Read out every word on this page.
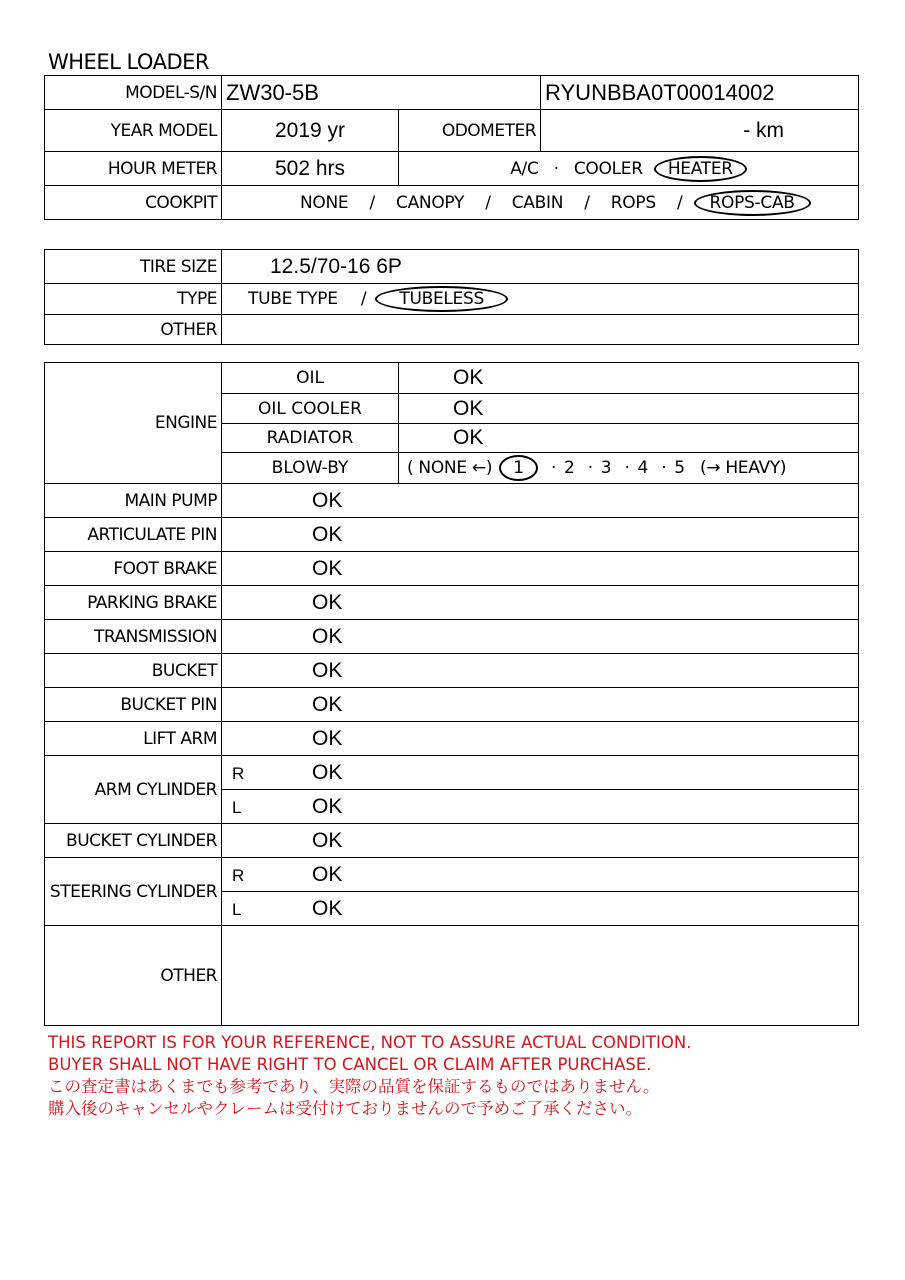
WHEEL LOADER
MODEL-S/N	ZW30-5B		RYUNBBA0T00014002
YEAR MODEL	2019 yr	ODOMETER	- km
HOUR METER	502 hrs	A/C · COOLER HEATER	
COOKPIT	NONE / CANOPY / CABIN / ROPS / ROPS-CAB		
TIRE SIZE	12.5/70-16 6P
TYPE	TUBE TYPE / TUBELESS
OTHER	
ENGINE	OIL	OK
	OIL COOLER	OK
	RADIATOR	OK
	BLOW-BY	( NONE ←) 1 · 2 · 3 · 4 · 5 (→ HEAVY)
MAIN PUMP	OK	
ARTICULATE PIN	OK	
FOOT BRAKE	OK	
PARKING BRAKE	OK	
TRANSMISSION	OK	
BUCKET	OK	
BUCKET PIN	OK	
LIFT ARM	OK	
ARM CYLINDER	R OK	
	L OK	
BUCKET CYLINDER	OK	
STEERING CYLINDER	R OK	
	L OK	
OTHER		
THIS REPORT IS FOR YOUR REFERENCE, NOT TO ASSURE ACTUAL CONDITION.
BUYER SHALL NOT HAVE RIGHT TO CANCEL OR CLAIM AFTER PURCHASE.
この査定書はあくまでも参考であり、実際の品質を保証するものではありません。
購入後のキャンセルやクレームは受付けておりませんので予めご了承ください。
